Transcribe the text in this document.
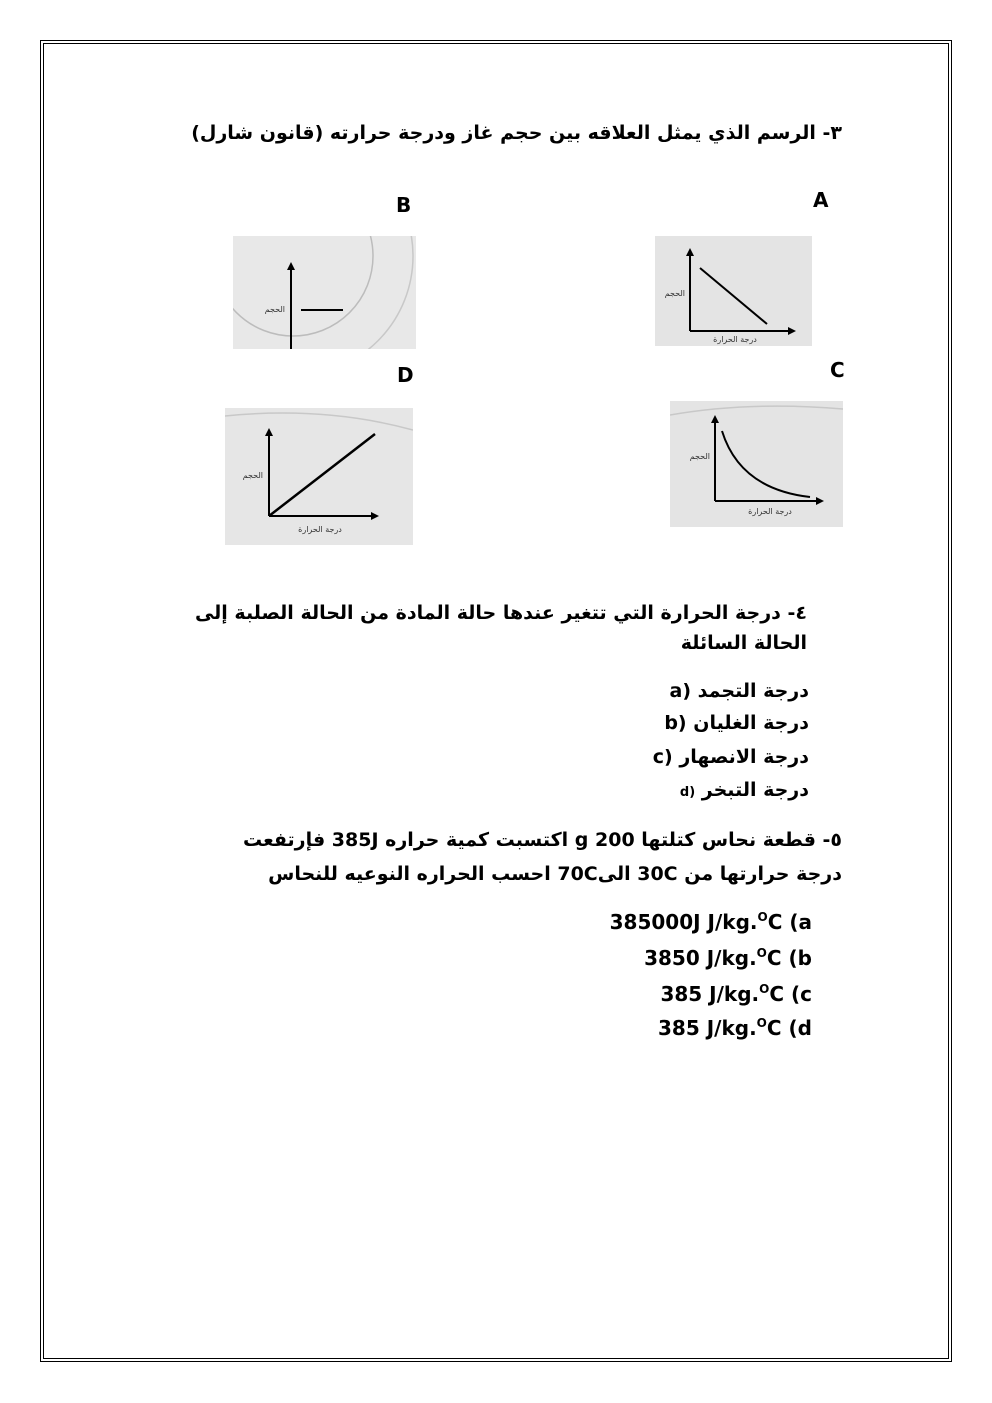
٣- الرسم الذي يمثل العلاقه بين حجم غاز ودرجة حرارته (قانون شارل)
A
B
C
D
الحجم
درجة الحرارة
الحجم
الحجم
درجة الحرارة
الحجم
درجة الحرارة
٤- درجة الحرارة التي تتغير عندها حالة المادة من الحالة الصلبة إلى الحالة السائلة
a) درجة التجمد
b) درجة الغليان
c) درجة الانصهار
d) درجة التبخر
٥- قطعة نحاس كتلتها 200 g اكتسبت كمية حراره 385J فإرتفعت درجة حرارتها من 30C الى70C احسب الحراره النوعيه للنحاس
385000J J/kg.$^O$C (a
3850 J/kg.$^O$C (b
385 J/kg.$^O$C (c
385 J/kg.$^O$C (d
